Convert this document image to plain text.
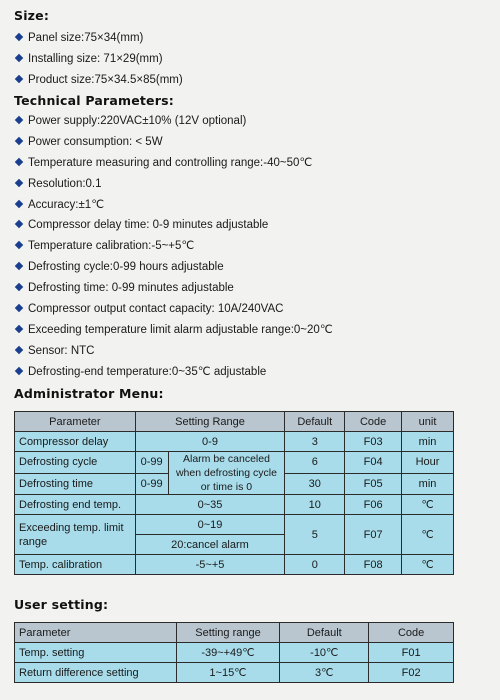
Size:
Panel size:75×34(mm)
Installing size: 71×29(mm)
Product size:75×34.5×85(mm)
Technical Parameters:
Power supply:220VAC±10% (12V optional)
Power consumption: < 5W
Temperature measuring and controlling range:-40~50℃
Resolution:0.1
Accuracy:±1℃
Compressor delay time: 0-9 minutes adjustable
Temperature calibration:-5~+5℃
Defrosting cycle:0-99 hours adjustable
Defrosting time: 0-99 minutes adjustable
Compressor output contact capacity: 10A/240VAC
Exceeding temperature limit alarm adjustable range:0~20℃
Sensor: NTC
Defrosting-end temperature:0~35℃ adjustable
Administrator Menu:
Parameter	Setting Range		Default	Code	unit
Compressor delay	0-9		3	F03	min
Defrosting cycle	0-99	Alarm be canceled when defrosting cycle or time is 0	6	F04	Hour
Defrosting time	0-99		30	F05	min
Defrosting end temp.	0~35		10	F06	℃
Exceeding temp. limit range	0~19		5	F07	℃
	20:cancel alarm				
Temp. calibration	-5~+5		0	F08	℃
User setting:
Parameter	Setting range	Default	Code
Temp. setting	-39~+49℃	-10℃	F01
Return difference setting	1~15℃	3℃	F02
